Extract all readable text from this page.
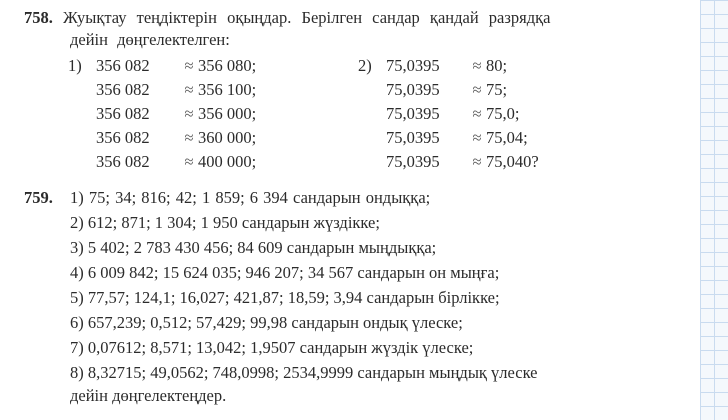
758. Жуықтау теңдіктерін оқыңдар. Берілген сандар қандай разрядқа
дейін дөңгелектелген:
1) 356 082	≈ 356 080;
356 082	≈ 356 100;
356 082	≈ 356 000;
356 082	≈ 360 000;
356 082	≈ 400 000;
2) 75,0395	≈ 80;
75,0395	≈ 75;
75,0395	≈ 75,0;
75,0395	≈ 75,04;
75,0395	≈ 75,040?
759. 1) 75; 34; 816; 42; 1 859; 6 394 сандарын ондыққа;
2) 612; 871; 1 304; 1 950 сандарын жүздікке;
3) 5 402; 2 783 430 456; 84 609 сандарын мыңдыққа;
4) 6 009 842; 15 624 035; 946 207; 34 567 сандарын он мыңға;
5) 77,57; 124,1; 16,027; 421,87; 18,59; 3,94 сандарын бірлікке;
6) 657,239; 0,512; 57,429; 99,98 сандарын ондық үлеске;
7) 0,07612; 8,571; 13,042; 1,9507 сандарын жүздік үлеске;
8) 8,32715; 49,0562; 748,0998; 2534,9999 сандарын мыңдық үлеске
дейін дөңгелектеңдер.
